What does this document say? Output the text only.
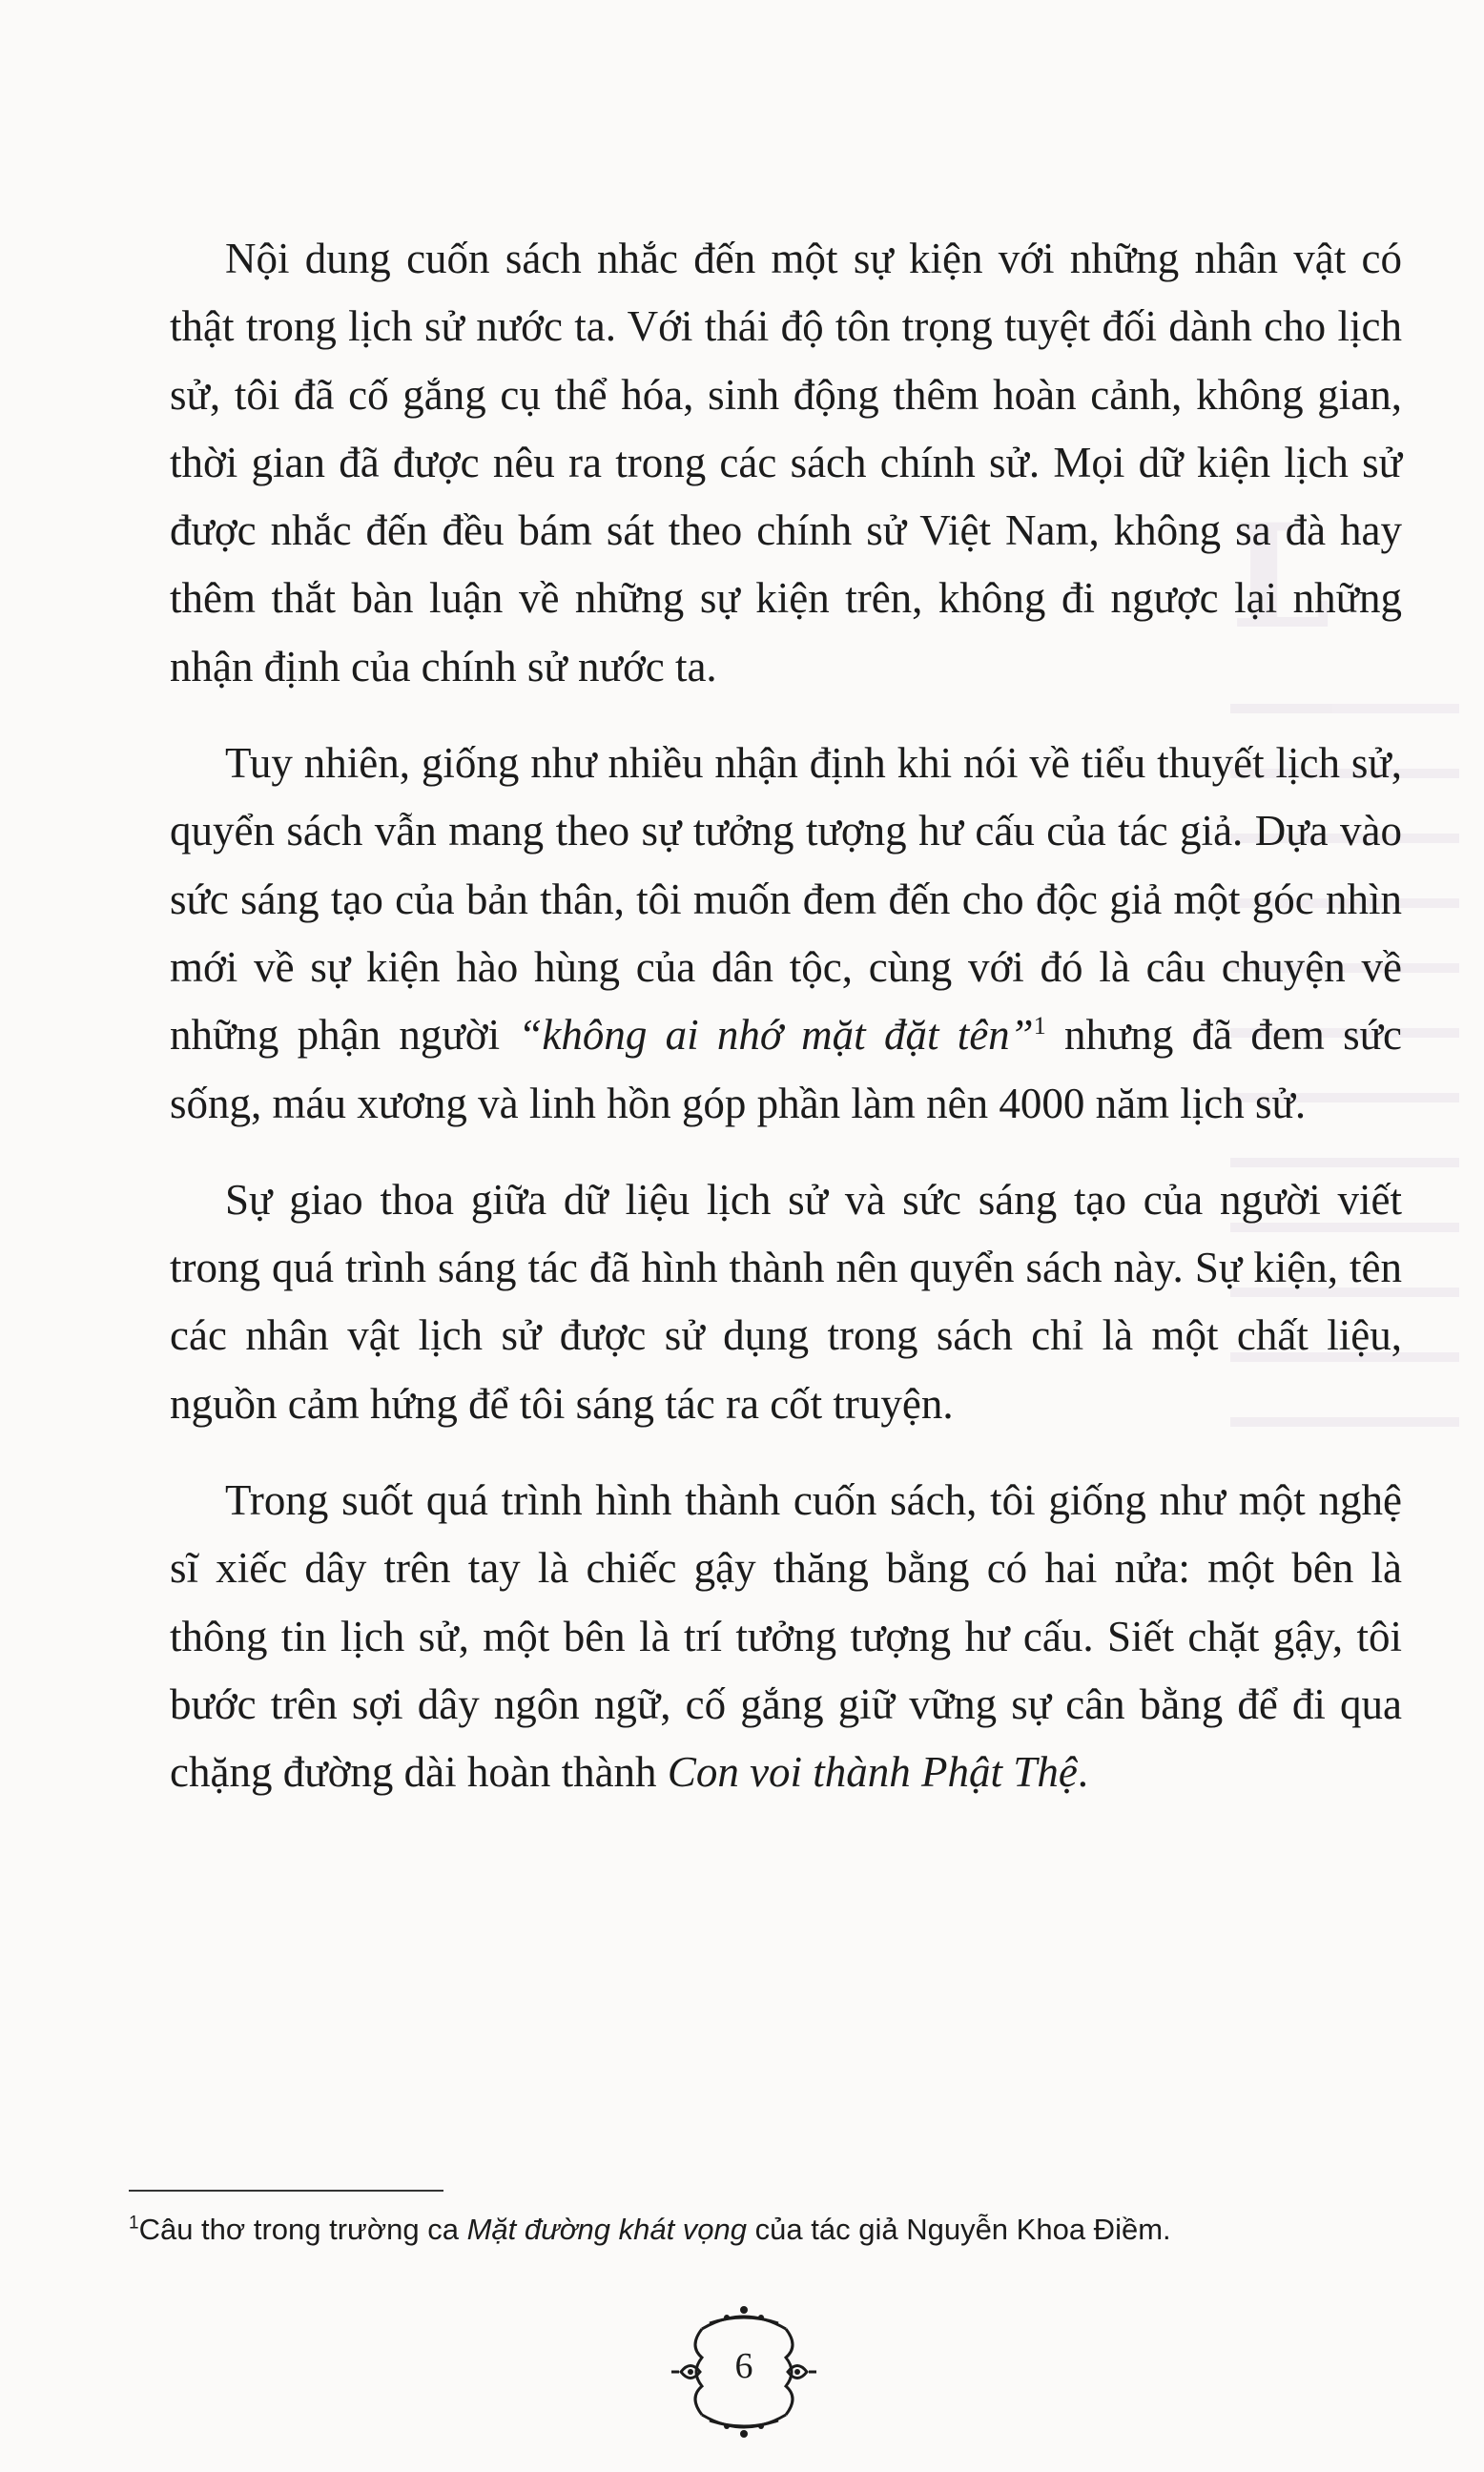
L

Nội dung cuốn sách nhắc đến một sự kiện với những nhân vật có thật trong lịch sử nước ta. Với thái độ tôn trọng tuyệt đối dành cho lịch sử, tôi đã cố gắng cụ thể hóa, sinh động thêm hoàn cảnh, không gian, thời gian đã được nêu ra trong các sách chính sử. Mọi dữ kiện lịch sử được nhắc đến đều bám sát theo chính sử Việt Nam, không sa đà hay thêm thắt bàn luận về những sự kiện trên, không đi ngược lại những nhận định của chính sử nước ta.

Tuy nhiên, giống như nhiều nhận định khi nói về tiểu thuyết lịch sử, quyển sách vẫn mang theo sự tưởng tượng hư cấu của tác giả. Dựa vào sức sáng tạo của bản thân, tôi muốn đem đến cho độc giả một góc nhìn mới về sự kiện hào hùng của dân tộc, cùng với đó là câu chuyện về những phận người “không ai nhớ mặt đặt tên”$^1$ nhưng đã đem sức sống, máu xương và linh hồn góp phần làm nên 4000 năm lịch sử.

Sự giao thoa giữa dữ liệu lịch sử và sức sáng tạo của người viết trong quá trình sáng tác đã hình thành nên quyển sách này. Sự kiện, tên các nhân vật lịch sử được sử dụng trong sách chỉ là một chất liệu, nguồn cảm hứng để tôi sáng tác ra cốt truyện.

Trong suốt quá trình hình thành cuốn sách, tôi giống như một nghệ sĩ xiếc dây trên tay là chiếc gậy thăng bằng có hai nửa: một bên là thông tin lịch sử, một bên là trí tưởng tượng hư cấu. Siết chặt gậy, tôi bước trên sợi dây ngôn ngữ, cố gắng giữ vững sự cân bằng để đi qua chặng đường dài hoàn thành Con voi thành Phật Thệ.

$^1$Câu thơ trong trường ca Mặt đường khát vọng của tác giả Nguyễn Khoa Điềm.
6
